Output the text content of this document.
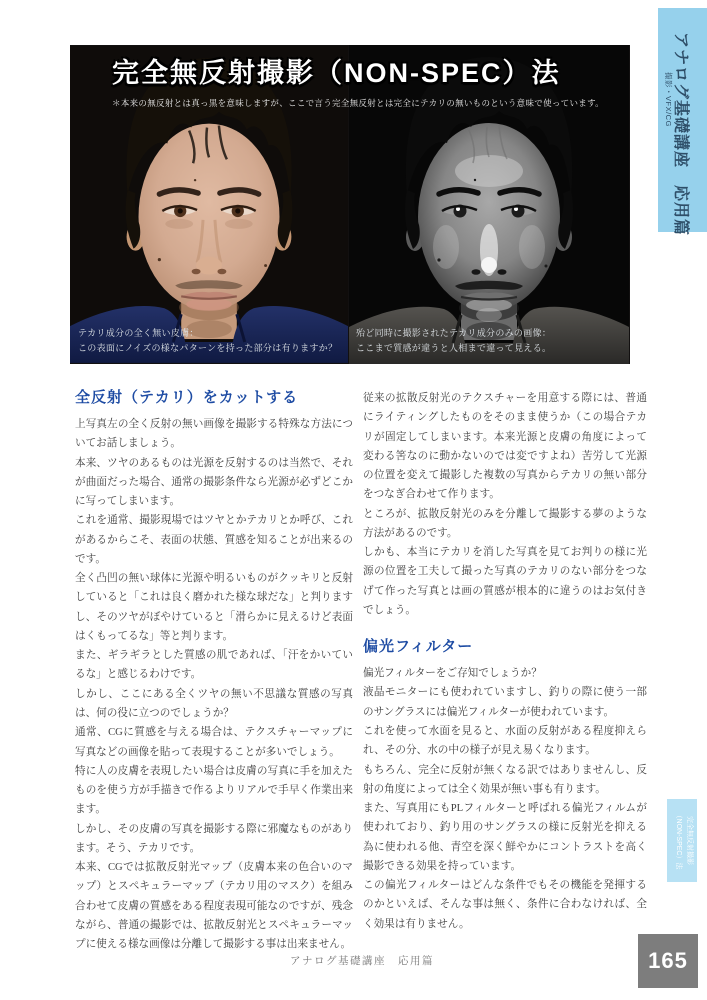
テカリ成分の全く無い皮膚：
この表面にノイズの様なパターンを持った部分は有りますか？
殆ど同時に撮影されたテカリ成分のみの画像：
ここまで質感が違うと人相まで違って見える。
完全無反射撮影（NON-SPEC）法
＊本来の無反射とは真っ黒を意味しますが、ここで言う完全無反射とは完全にテカリの無いものという意味で使っています。	アナログ基礎講座　応用篇
撮影・VFX/CG
完全無反射撮影
（NON-SPEC）法
全反射（テカリ）をカットする

上写真左の全く反射の無い画像を撮影する特殊な方法についてお話しましょう。

本来、ツヤのあるものは光源を反射するのは当然で、それが曲面だった場合、通常の撮影条件なら光源が必ずどこかに写ってしまいます。

これを通常、撮影現場ではツヤとかテカリとか呼び、これがあるからこそ、表面の状態、質感を知ることが出来るのです。

全く凸凹の無い球体に光源や明るいものがクッキリと反射していると「これは良く磨かれた様な球だな」と判りますし、そのツヤがぼやけていると「滑らかに見えるけど表面はくもってるな」等と判ります。

また、ギラギラとした質感の肌であれば、「汗をかいているな」と感じるわけです。

しかし、ここにある全くツヤの無い不思議な質感の写真は、何の役に立つのでしょうか？

通常、CGに質感を与える場合は、テクスチャーマップに写真などの画像を貼って表現することが多いでしょう。

特に人の皮膚を表現したい場合は皮膚の写真に手を加えたものを使う方が手描きで作るよりリアルで手早く作業出来ます。

しかし、その皮膚の写真を撮影する際に邪魔なものがあります。そう、テカリです。

本来、CGでは拡散反射光マップ（皮膚本来の色合いのマップ）とスペキュラーマップ（テカリ用のマスク）を組み合わせて皮膚の質感をある程度表現可能なのですが、残念ながら、普通の撮影では、拡散反射光とスペキュラーマップに使える様な画像は分離して撮影する事は出来ません。

従来の拡散反射光のテクスチャーを用意する際には、普通にライティングしたものをそのまま使うか（この場合テカリが固定してしまいます。本来光源と皮膚の角度によって変わる筈なのに動かないのでは変ですよね）苦労して光源の位置を変えて撮影した複数の写真からテカリの無い部分をつなぎ合わせて作ります。

ところが、拡散反射光のみを分離して撮影する夢のような方法があるのです。

しかも、本当にテカリを消した写真を見てお判りの様に光源の位置を工夫して撮った写真のテカリのない部分をつなげて作った写真とは画の質感が根本的に違うのはお気付きでしょう。

偏光フィルター

偏光フィルターをご存知でしょうか？

液晶モニターにも使われていますし、釣りの際に使う一部のサングラスには偏光フィルターが使われています。

これを使って水面を見ると、水面の反射がある程度抑えられ、その分、水の中の様子が見え易くなります。

もちろん、完全に反射が無くなる訳ではありませんし、反射の角度によっては全く効果が無い事も有ります。

また、写真用にもPLフィルターと呼ばれる偏光フィルムが使われており、釣り用のサングラスの様に反射光を抑える為に使われる他、青空を深く鮮やかにコントラストを高く撮影できる効果を持っています。

この偏光フィルターはどんな条件でもその機能を発揮するのかといえば、そんな事は無く、条件に合わなければ、全く効果は有りません。

アナログ基礎講座　応用篇	165
